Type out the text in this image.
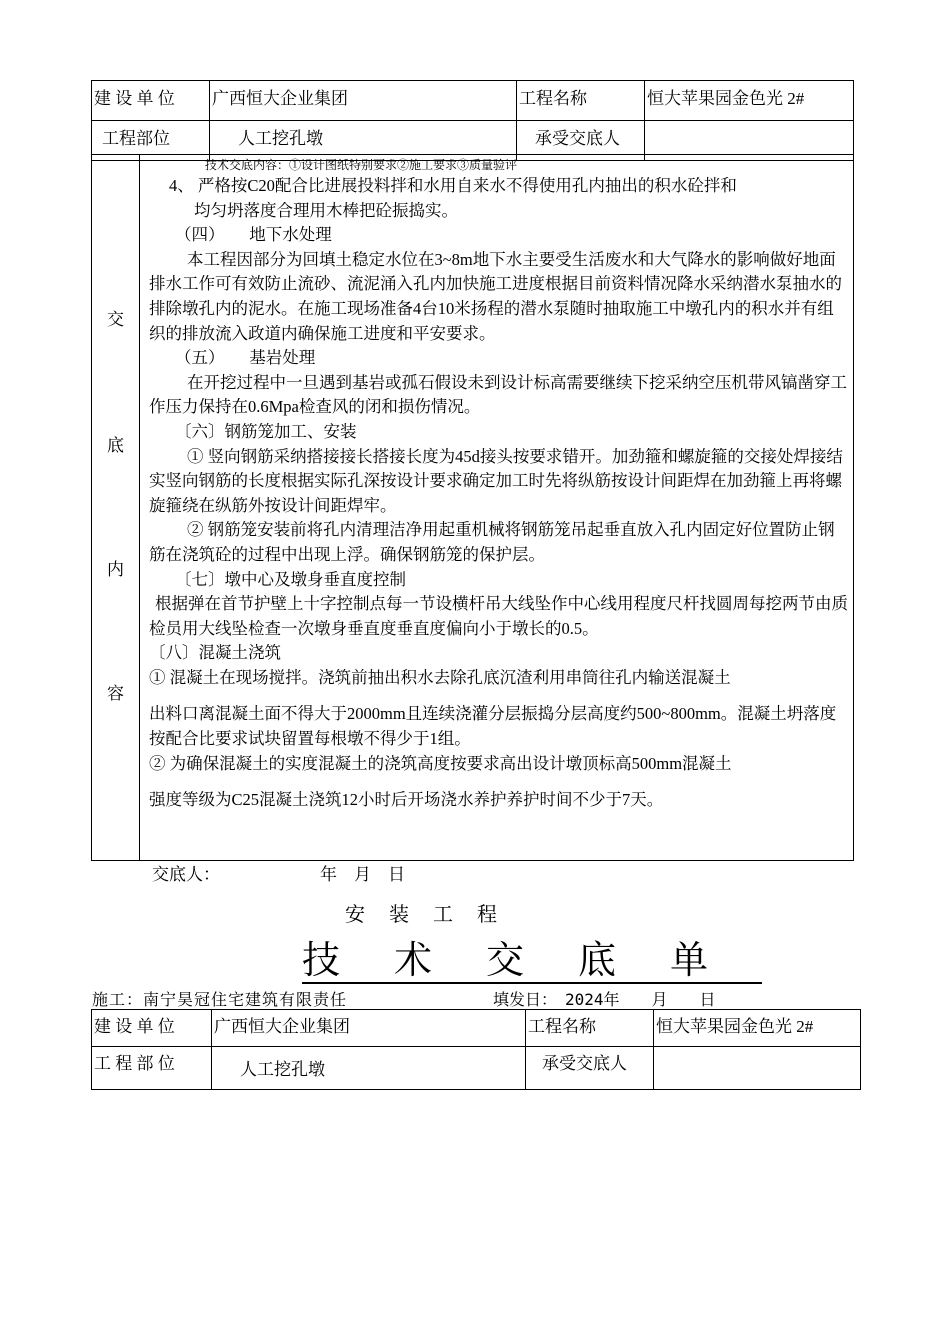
建 设 单 位	广西恒大企业集团	工程名称	恒大苹果园金色光 2#
工程部位	人工挖孔墩	承受交底人	

交
底
内
容

技术交底内容：①设计图纸特别要求②施工要求③质量验评

4、 严格按C20配合比进展投料拌和水用自来水不得使用孔内抽出的积水砼拌和

均匀坍落度合理用木棒把砼振捣实。

（四）　　地下水处理

本工程因部分为回填土稳定水位在3~8m地下水主要受生活废水和大气降水的影响做好地面排水工作可有效防止流砂、流泥涌入孔内加快施工进度根据目前资料情况降水采纳潜水泵抽水的排除墩孔内的泥水。在施工现场准备4台10米扬程的潜水泵随时抽取施工中墩孔内的积水并有组织的排放流入政道内确保施工进度和平安要求。

（五）　　基岩处理

在开挖过程中一旦遇到基岩或孤石假设未到设计标高需要继续下挖采纳空压机带风镐凿穿工作压力保持在0.6Mpa检查风的闭和损伤情况。

〔六〕钢筋笼加工、安装

① 竖向钢筋采纳搭接接长搭接长度为45d接头按要求错开。加劲箍和螺旋箍的交接处焊接结实竖向钢筋的长度根据实际孔深按设计要求确定加工时先将纵筋按设计间距焊在加劲箍上再将螺旋箍绕在纵筋外按设计间距焊牢。

② 钢筋笼安装前将孔内清理洁净用起重机械将钢筋笼吊起垂直放入孔内固定好位置防止钢筋在浇筑砼的过程中出现上浮。确保钢筋笼的保护层。

〔七〕墩中心及墩身垂直度控制

根据弹在首节护壁上十字控制点每一节设横杆吊大线坠作中心线用程度尺杆找圆周每挖两节由质检员用大线坠检查一次墩身垂直度垂直度偏向小于墩长的0.5。

〔八〕混凝土浇筑

① 混凝土在现场搅拌。浇筑前抽出积水去除孔底沉渣利用串筒往孔内输送混凝土

出料口离混凝土面不得大于2000mm且连续浇灌分层振捣分层高度约500~800mm。混凝土坍落度按配合比要求试块留置每根墩不得少于1组。

② 为确保混凝土的实度混凝土的浇筑高度按要求高出设计墩顶标高500mm混凝土

强度等级为C25混凝土浇筑12小时后开场浇水养护养护时间不少于7天。

交底人：	年　月　日
安装工程
技术交底单
施工：南宁昊冠住宅建筑有限责任	填发日：　2024年　　月　　日
建 设 单 位	广西恒大企业集团	工程名称	恒大苹果园金色光 2#
工 程 部 位	人工挖孔墩	承受交底人	
